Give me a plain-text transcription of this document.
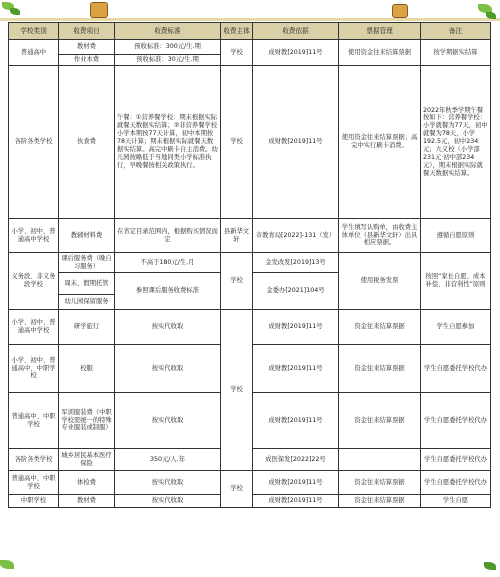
学校类别	收费项目	收费标准	收费主体	收费依据	票据管理	备注
普通高中	教材费	预收标准：300元/生.期	学校	成财教[2019]11号	使用资金往来结算票据	按学期据实结算
	作业本费	预收标准：30元/生.期				
各阶各类学校	伙食费	午餐：①营养餐学校：期末根据实际就餐天数据实结算；②非营养餐学校小学本期按77天计算，初中本期按78天计算；期末根据实际就餐天数据实结算。高完中刷卡自主消费。幼儿园按略低于当地同类小学标准执行，早晚餐按相关政策执行。	学校	成财教[2019]11号	使用资金往来结算票据；高完中实行刷卡消费。	2022年秋季学期午餐按如下：营养餐学校：小学就餐为77天，初中就餐为78天，小学192.5元，初中234元；九义校（小学部231元·初中部234元），期末根据实际就餐天数据实结算。
小学、初中、普通高中学校	教辅材料费	在省定目录范围内，根据购买情况而定	县新华文轩	市教育局[2022]-131（发）	学生填写认购单，由收费主体单位（县新华文轩）出具相应票据。	遵循自愿原则
义务段、非义务段学校	课后服务费（晚自习服务）	不高于180元/生.月	学校	金发改发[2019]13号	使用税务发票	按照“家长自愿、成本补偿、非营利性”原则
	周末、假期托管	参照课后服务收费标准		金委办[2021]104号		
	幼儿园保留服务					
小学、初中、普通高中学校	研学旅行	按实代收取	学校	成财教[2019]11号	资金往来结算票据	学生自愿参加
小学、初中、普通高中、中职学校	校服	按实代收取		成财教[2019]11号	资金往来结算票据	学生自愿委托学校代办
普通高中、中职学校	军训服装费（中职学校需统一的特殊专业服装或制服）	按实代收取		成财教[2019]11号	资金往来结算票据	学生自愿委托学校代办
各阶各类学校	城乡居民基本医疗保险	350元/人.年		成医保发[2022]22号		学生自愿委托学校代办
普通高中、中职学校	体检费	按实代收取	学校	成财教[2019]11号	资金往来结算票据	学生自愿委托学校代办
中职学校	教材费	按实代收取		成财教[2019]11号	资金往来结算票据	学生自愿
